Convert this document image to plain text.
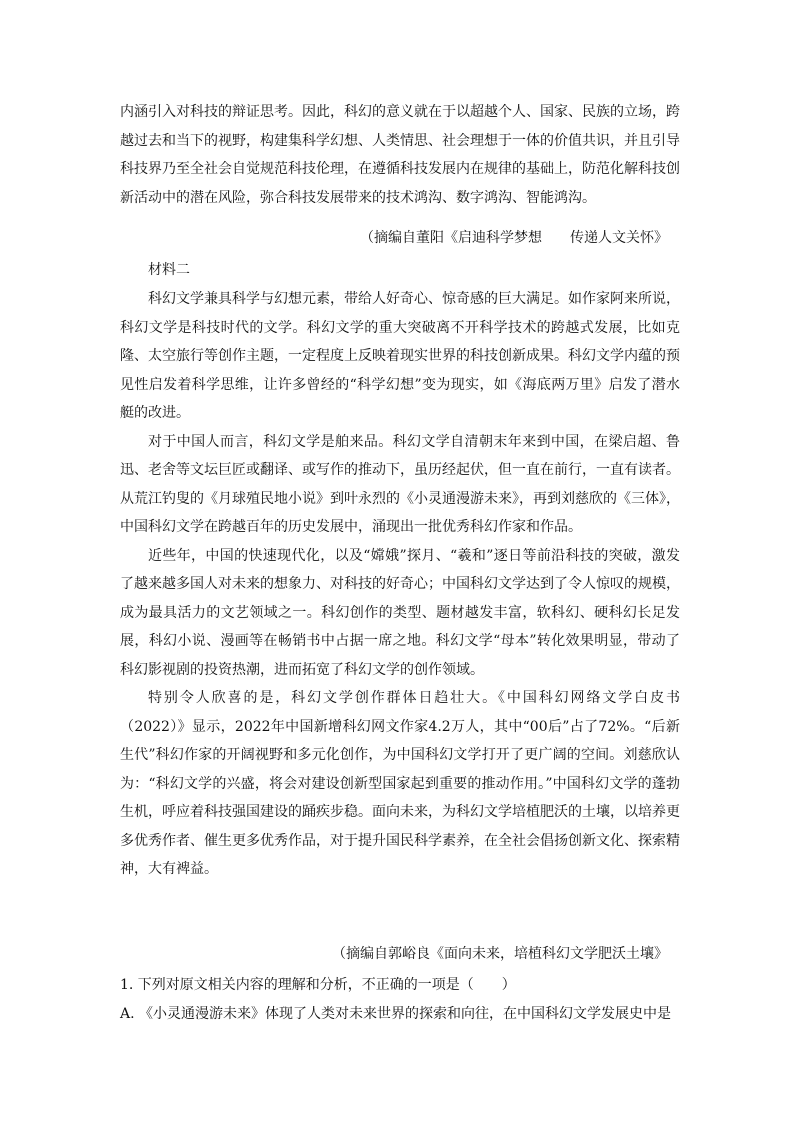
内涵引入对科技的辩证思考。因此，科幻的意义就在于以超越个人、国家、民族的立场，跨越过去和当下的视野，构建集科学幻想、人类情思、社会理想于一体的价值共识，并且引导科技界乃至全社会自觉规范科技伦理，在遵循科技发展内在规律的基础上，防范化解科技创新活动中的潜在风险，弥合科技发展带来的技术鸿沟、数字鸿沟、智能鸿沟。

（摘编自董阳《启迪科学梦想　　传递人文关怀》

材料二

科幻文学兼具科学与幻想元素，带给人好奇心、惊奇感的巨大满足。如作家阿来所说，科幻文学是科技时代的文学。科幻文学的重大突破离不开科学技术的跨越式发展，比如克隆、太空旅行等创作主题，一定程度上反映着现实世界的科技创新成果。科幻文学内蕴的预见性启发着科学思维，让许多曾经的“科学幻想”变为现实，如《海底两万里》启发了潜水艇的改进。

对于中国人而言，科幻文学是舶来品。科幻文学自清朝末年来到中国，在梁启超、鲁迅、老舍等文坛巨匠或翻译、或写作的推动下，虽历经起伏，但一直在前行，一直有读者。从荒江钓叟的《月球殖民地小说》到叶永烈的《小灵通漫游未来》，再到刘慈欣的《三体》，中国科幻文学在跨越百年的历史发展中，涌现出一批优秀科幻作家和作品。

近些年，中国的快速现代化，以及“嫦娥”探月、“羲和”逐日等前沿科技的突破，激发了越来越多国人对未来的想象力、对科技的好奇心；中国科幻文学达到了令人惊叹的规模，成为最具活力的文艺领域之一。科幻创作的类型、题材越发丰富，软科幻、硬科幻长足发展，科幻小说、漫画等在畅销书中占据一席之地。科幻文学“母本”转化效果明显，带动了科幻影视剧的投资热潮，进而拓宽了科幻文学的创作领域。

特别令人欣喜的是，科幻文学创作群体日趋壮大。《中国科幻网络文学白皮书（2022）》显示，2022年中国新增科幻网文作家4.2万人，其中“00后”占了72%。“后新生代”科幻作家的开阔视野和多元化创作，为中国科幻文学打开了更广阔的空间。刘慈欣认为：“科幻文学的兴盛，将会对建设创新型国家起到重要的推动作用。”中国科幻文学的蓬勃生机，呼应着科技强国建设的踊疾步稳。面向未来，为科幻文学培植肥沃的土壤，以培养更多优秀作者、催生更多优秀作品，对于提升国民科学素养，在全社会倡扬创新文化、探索精神，大有裨益。

（摘编自郭峪良《面向未来，培植科幻文学肥沃土壤》

1. 下列对原文相关内容的理解和分析，不正确的一项是（　　）

A. 《小灵通漫游未来》体现了人类对未来世界的探索和向往，在中国科幻文学发展史中是
